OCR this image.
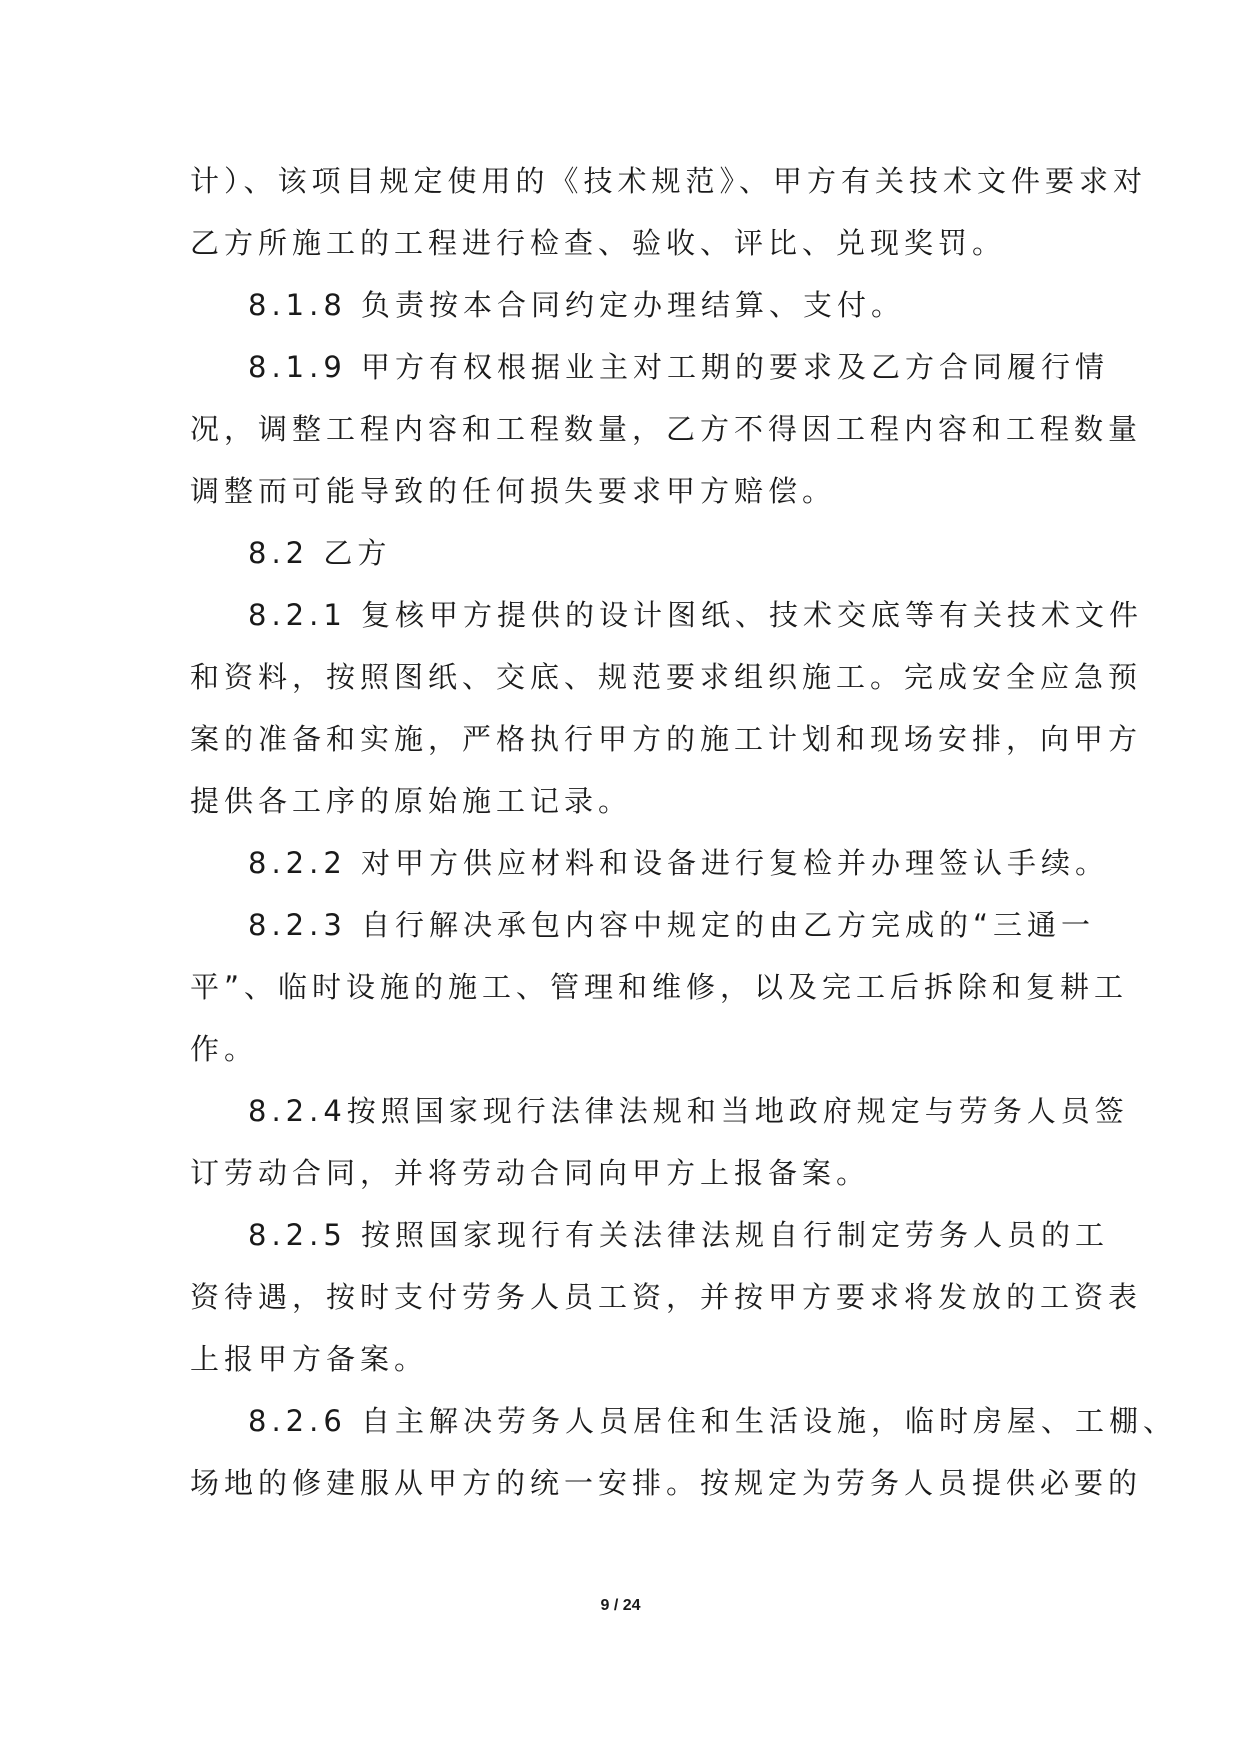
计）、该项目规定使用的《技术规范》、甲方有关技术文件要求对
乙方所施工的工程进行检查、验收、评比、兑现奖罚。
8.1.8 负责按本合同约定办理结算、支付。
8.1.9 甲方有权根据业主对工期的要求及乙方合同履行情
况，调整工程内容和工程数量，乙方不得因工程内容和工程数量
调整而可能导致的任何损失要求甲方赔偿。
8.2 乙方
8.2.1 复核甲方提供的设计图纸、技术交底等有关技术文件
和资料，按照图纸、交底、规范要求组织施工。完成安全应急预
案的准备和实施，严格执行甲方的施工计划和现场安排，向甲方
提供各工序的原始施工记录。
8.2.2 对甲方供应材料和设备进行复检并办理签认手续。
8.2.3 自行解决承包内容中规定的由乙方完成的“三通一
平”、临时设施的施工、管理和维修，以及完工后拆除和复耕工
作。
8.2.4按照国家现行法律法规和当地政府规定与劳务人员签
订劳动合同，并将劳动合同向甲方上报备案。
8.2.5 按照国家现行有关法律法规自行制定劳务人员的工
资待遇，按时支付劳务人员工资，并按甲方要求将发放的工资表
上报甲方备案。
8.2.6 自主解决劳务人员居住和生活设施，临时房屋、工棚、
场地的修建服从甲方的统一安排。按规定为劳务人员提供必要的
9 / 24
